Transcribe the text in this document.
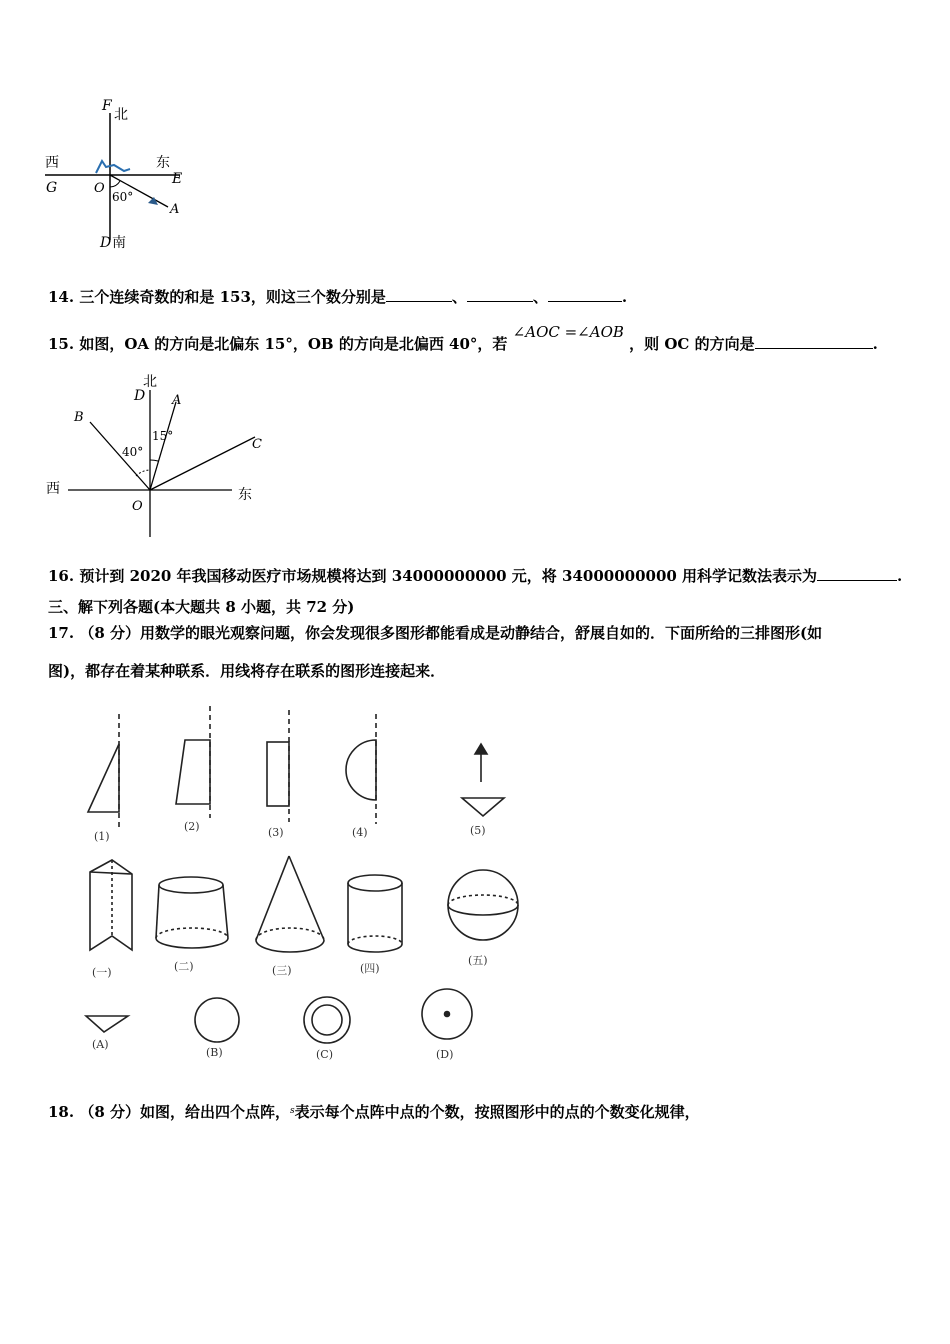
F
北
西	东
G	O
E
60°
A
D 南
14. 三个连续奇数的和是 153，则这三个数分别是	、	、	.
15. 如图，OA 的方向是北偏东 15°，OB 的方向是北偏西 40°，若 ∠AOC =∠AOB ，则 OC 的方向是	.
北
D A
B
C
15°
40°
西	东
O
16. 预计到 2020 年我国移动医疗市场规模将达到 34000000000 元，将 34000000000 用科学记数法表示为	.
三、解下列各题(本大题共 8 小题，共 72 分)
17. （8 分）用数学的眼光观察问题，你会发现很多图形都能看成是动静结合，舒展自如的．下面所给的三排图形(如
图)，都存在着某种联系．用线将存在联系的图形连接起来．
(1)
(2)	(3)	(4)	(5)
(一)	(二)	(三)	(四)
(五)
(A)
(B)	(C)	(D)
18. （8 分）如图，给出四个点阵，$^s$表示每个点阵中点的个数，按照图形中的点的个数变化规律，
